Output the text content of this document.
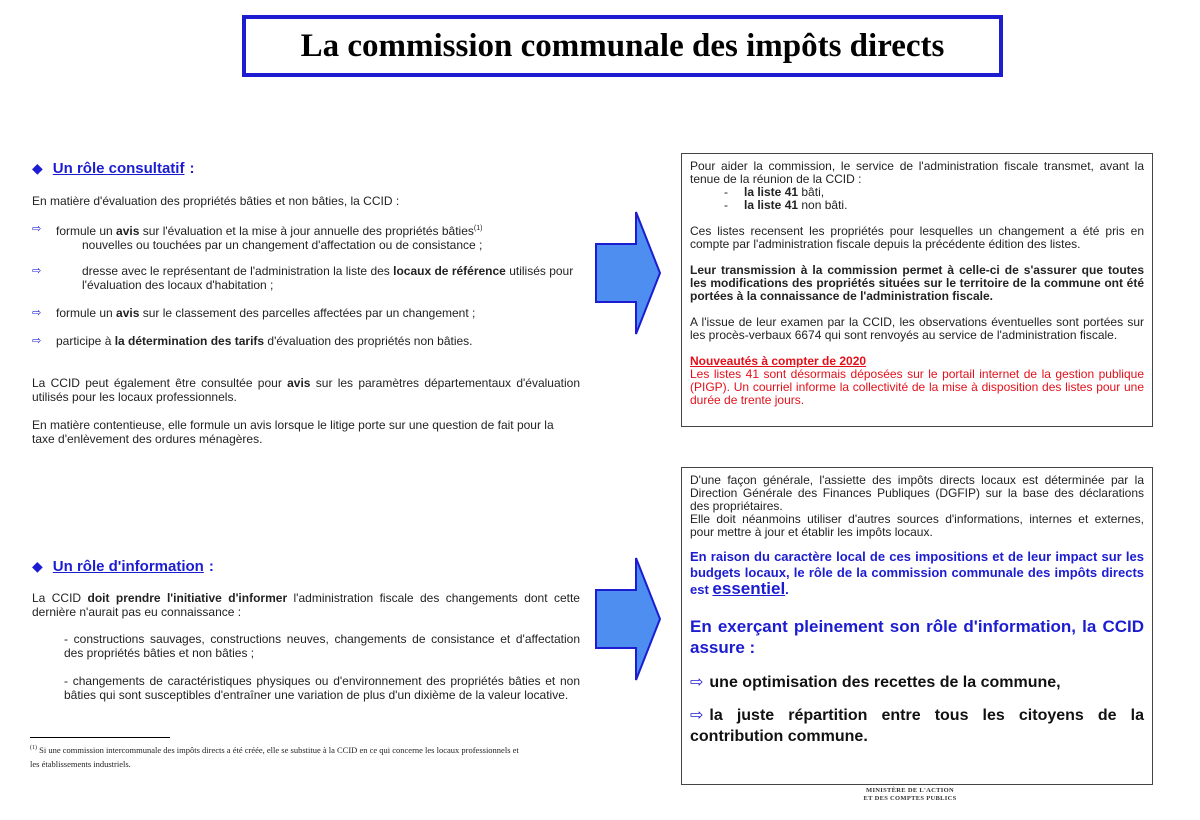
La commission communale des impôts directs
◆ Un rôle consultatif :
En matière d'évaluation des propriétés bâties et non bâties, la CCID :
⇨	formule un avis sur l'évaluation et la mise à jour annuelle des propriétés bâties$^{(1)}$
nouvelles ou touchées par un changement d'affectation ou de consistance ;
⇨	dresse avec le représentant de l'administration la liste des locaux de référence utilisés pour l'évaluation des locaux d'habitation ;
⇨	formule un avis sur le classement des parcelles affectées par un changement ;
⇨	participe à la détermination des tarifs d'évaluation des propriétés non bâties.
La CCID peut également être consultée pour avis sur les paramètres départementaux d'évaluation utilisés pour les locaux professionnels.
En matière contentieuse, elle formule un avis lorsque le litige porte sur une question de fait pour la taxe d'enlèvement des ordures ménagères.
◆ Un rôle d'information :
La CCID doit prendre l'initiative d'informer l'administration fiscale des changements dont cette dernière n'aurait pas eu connaissance :
- constructions sauvages, constructions neuves, changements de consistance et d'affectation des propriétés bâties et non bâties ;
- changements de caractéristiques physiques ou d'environnement des propriétés bâties et non bâties qui sont susceptibles d'entraîner une variation de plus d'un dixième de la valeur locative.
$^{(1)}$ Si une commission intercommunale des impôts directs a été créée, elle se substitue à la CCID en ce qui concerne les locaux professionnels et les établissements industriels.

Pour aider la commission, le service de l'administration fiscale transmet, avant la tenue de la réunion de la CCID :

-	la liste 41 bâti,
-	la liste 41 non bâti.

Ces listes recensent les propriétés pour lesquelles un changement a été pris en compte par l'administration fiscale depuis la précédente édition des listes.

Leur transmission à la commission permet à celle-ci de s'assurer que toutes les modifications des propriétés situées sur le territoire de la commune ont été portées à la connaissance de l'administration fiscale.

A l'issue de leur examen par la CCID, les observations éventuelles sont portées sur les procès-verbaux 6674 qui sont renvoyés au service de l'administration fiscale.

Nouveautés à compter de 2020

Les listes 41 sont désormais déposées sur le portail internet de la gestion publique (PIGP). Un courriel informe la collectivité de la mise à disposition des listes pour une durée de trente jours.

D'une façon générale, l'assiette des impôts directs locaux est déterminée par la Direction Générale des Finances Publiques (DGFIP) sur la base des déclarations des propriétaires.

Elle doit néanmoins utiliser d'autres sources d'informations, internes et externes, pour mettre à jour et établir les impôts locaux.

En raison du caractère local de ces impositions et de leur impact sur les budgets locaux, le rôle de la commission communale des impôts directs est essentiel.
En exerçant pleinement son rôle d'information, la CCID assure :
⇨ une optimisation des recettes de la commune,
⇨ la juste répartition entre tous les citoyens de la contribution commune.
MINISTÈRE DE L'ACTION
ET DES COMPTES PUBLICS
